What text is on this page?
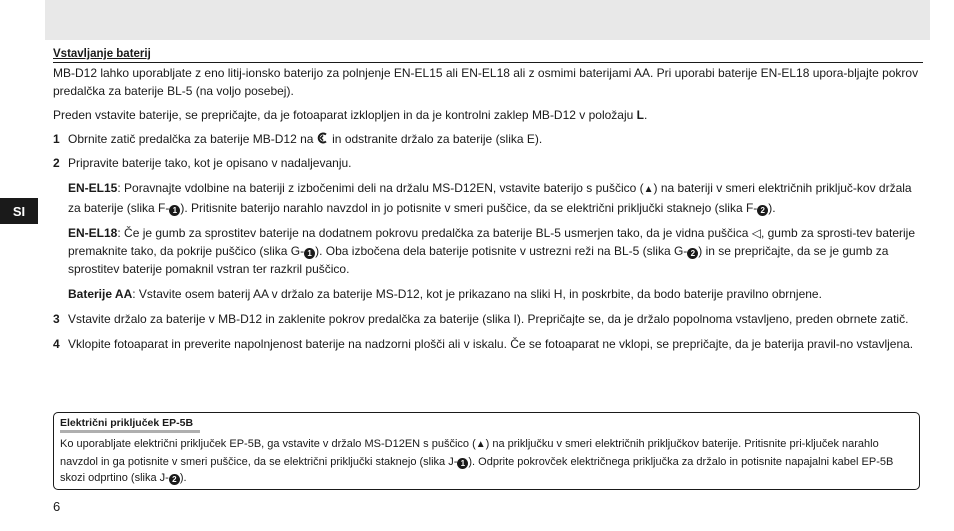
SI
Vstavljanje baterij

MB-D12 lahko uporabljate z eno litij-ionsko baterijo za polnjenje EN-EL15 ali EN-EL18 ali z osmimi baterijami AA. Pri uporabi baterije EN-EL18 upora-bljajte pokrov predalčka za baterije BL-5 (na voljo posebej).

Preden vstavite baterije, se prepričajte, da je fotoaparat izklopljen in da je kontrolni zaklep MB-D12 v položaju L.

1 Obrnite zatič predalčka za baterije MB-D12 na in odstranite držalo za baterije (slika E).
2 Pripravite baterije tako, kot je opisano v nadaljevanju.

EN-EL15: Poravnajte vdolbine na bateriji z izbočenimi deli na držalu MS-D12EN, vstavite baterijo s puščico (▲) na bateriji v smeri električnih priključ-kov držala za baterije (slika F- 1 ). Pritisnite baterijo narahlo navzdol in jo potisnite v smeri puščice, da se električni priključki staknejo (slika F- 2 ).

EN-EL18: Če je gumb za sprostitev baterije na dodatnem pokrovu predalčka za baterije BL-5 usmerjen tako, da je vidna puščica ◁, gumb za sprosti-tev baterije premaknite tako, da pokrije puščico (slika G- 1 ). Oba izbočena dela baterije potisnite v ustrezni reži na BL-5 (slika G- 2 ) in se prepričajte, da se je gumb za sprostitev baterije pomaknil vstran ter razkril puščico.

Baterije AA: Vstavite osem baterij AA v držalo za baterije MS-D12, kot je prikazano na sliki H, in poskrbite, da bodo baterije pravilno obrnjene.

3 Vstavite držalo za baterije v MB-D12 in zaklenite pokrov predalčka za baterije (slika I). Prepričajte se, da je držalo popolnoma vstavljeno, preden obrnete zatič.
4 Vklopite fotoaparat in preverite napolnjenost baterije na nadzorni plošči ali v iskalu. Če se fotoaparat ne vklopi, se prepričajte, da je baterija pravil-no vstavljena.
Električni priključek EP-5B

Ko uporabljate električni priključek EP-5B, ga vstavite v držalo MS-D12EN s puščico (▲) na priključku v smeri električnih priključkov baterije. Pritisnite pri-ključek narahlo navzdol in ga potisnite v smeri puščice, da se električni priključki staknejo (slika J- 1 ). Odprite pokrovček električnega priključka za držalo in potisnite napajalni kabel EP-5B skozi odprtino (slika J- 2 ).

6
